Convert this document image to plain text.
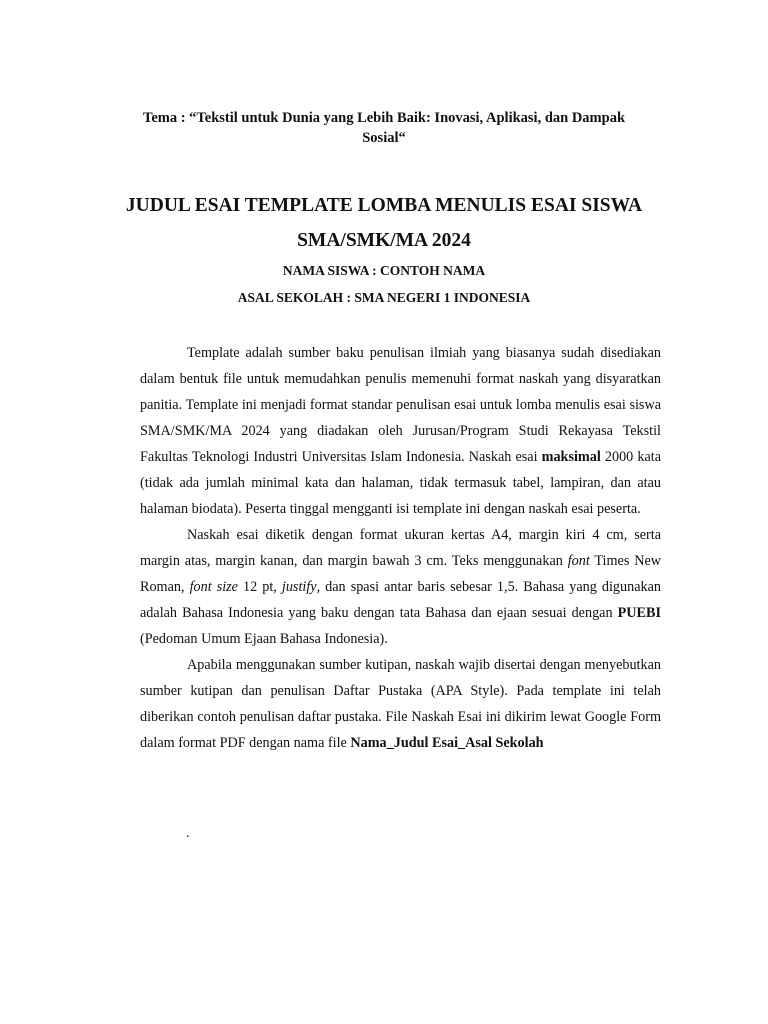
Tema : “Tekstil untuk Dunia yang Lebih Baik: Inovasi, Aplikasi, dan Dampak Sosial“
JUDUL ESAI TEMPLATE LOMBA MENULIS ESAI SISWA SMA/SMK/MA 2024
NAMA SISWA : CONTOH NAMA
ASAL SEKOLAH : SMA NEGERI 1 INDONESIA

Template adalah sumber baku penulisan ilmiah yang biasanya sudah disediakan dalam bentuk file untuk memudahkan penulis memenuhi format naskah yang disyaratkan panitia. Template ini menjadi format standar penulisan esai untuk lomba menulis esai siswa SMA/SMK/MA 2024 yang diadakan oleh Jurusan/Program Studi Rekayasa Tekstil Fakultas Teknologi Industri Universitas Islam Indonesia. Naskah esai maksimal 2000 kata (tidak ada jumlah minimal kata dan halaman, tidak termasuk tabel, lampiran, dan atau halaman biodata). Peserta tinggal mengganti isi template ini dengan naskah esai peserta.

Naskah esai diketik dengan format ukuran kertas A4, margin kiri 4 cm, serta margin atas, margin kanan, dan margin bawah 3 cm. Teks menggunakan font Times New Roman, font size 12 pt, justify, dan spasi antar baris sebesar 1,5. Bahasa yang digunakan adalah Bahasa Indonesia yang baku dengan tata Bahasa dan ejaan sesuai dengan PUEBI (Pedoman Umum Ejaan Bahasa Indonesia).

Apabila menggunakan sumber kutipan, naskah wajib disertai dengan menyebutkan sumber kutipan dan penulisan Daftar Pustaka (APA Style). Pada template ini telah diberikan contoh penulisan daftar pustaka. File Naskah Esai ini dikirim lewat Google Form dalam format PDF dengan nama file Nama_Judul Esai_Asal Sekolah

.
